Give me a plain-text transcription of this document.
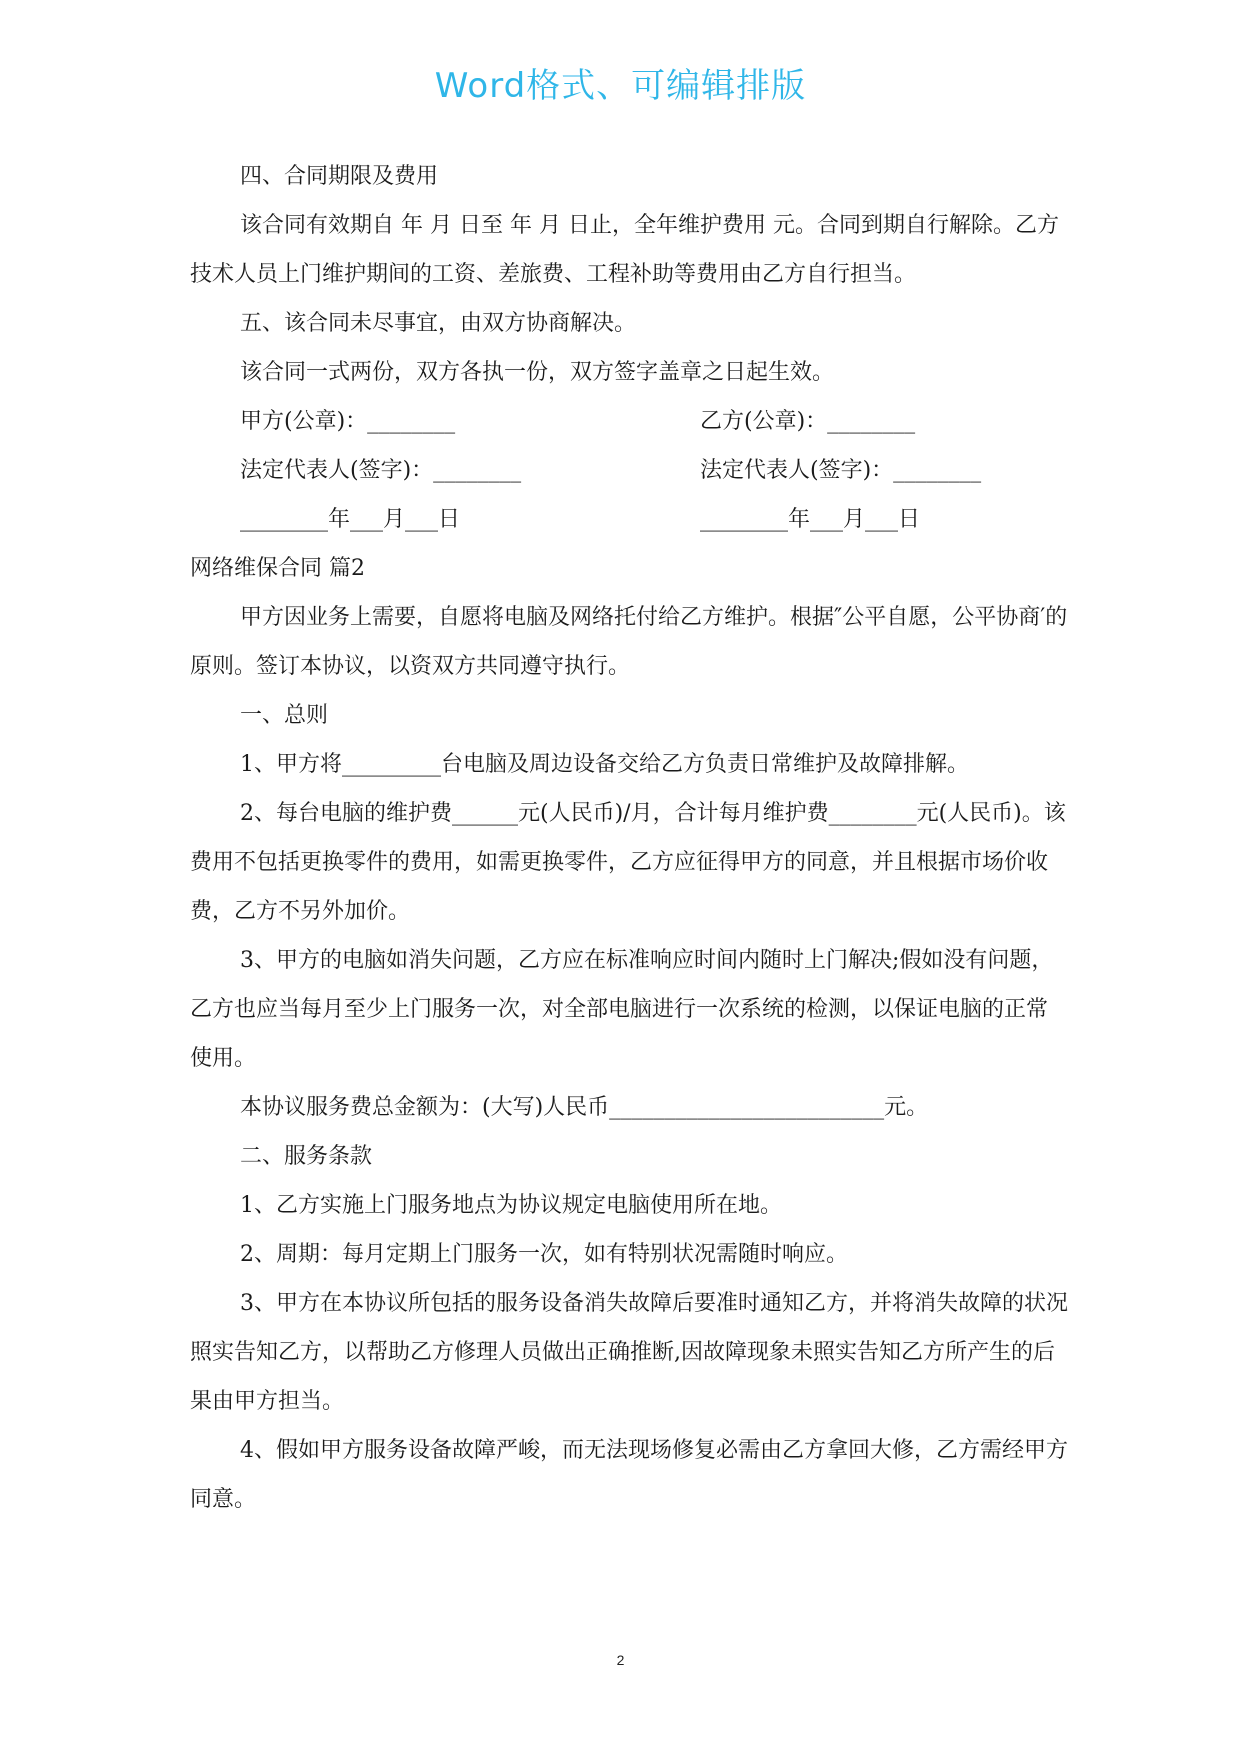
Word格式、可编辑排版

四、合同期限及费用

该合同有效期自 年 月 日至 年 月 日止，全年维护费用 元。合同到期自行解除。乙方技术人员上门维护期间的工资、差旅费、工程补助等费用由乙方自行担当。

五、该合同未尽事宜，由双方协商解决。

该合同一式两份，双方各执一份，双方签字盖章之日起生效。

甲方(公章)：________	乙方(公章)：________
法定代表人(签字)：________	法定代表人(签字)：________
________年___月___日	________年___月___日

网络维保合同 篇2

甲方因业务上需要，自愿将电脑及网络托付给乙方维护。根据″公平自愿，公平协商′的原则。签订本协议，以资双方共同遵守执行。

一、总则

1、甲方将_________台电脑及周边设备交给乙方负责日常维护及故障排解。

2、每台电脑的维护费______元(人民币)/月，合计每月维护费________元(人民币)。该费用不包括更换零件的费用，如需更换零件，乙方应征得甲方的同意，并且根据市场价收费，乙方不另外加价。

3、甲方的电脑如消失问题，乙方应在标准响应时间内随时上门解决;假如没有问题，乙方也应当每月至少上门服务一次，对全部电脑进行一次系统的检测，以保证电脑的正常使用。

本协议服务费总金额为：(大写)人民币_________________________元。

二、服务条款

1、乙方实施上门服务地点为协议规定电脑使用所在地。

2、周期：每月定期上门服务一次，如有特别状况需随时响应。

3、甲方在本协议所包括的服务设备消失故障后要准时通知乙方，并将消失故障的状况照实告知乙方，以帮助乙方修理人员做出正确推断,因故障现象未照实告知乙方所产生的后果由甲方担当。

4、假如甲方服务设备故障严峻，而无法现场修复必需由乙方拿回大修，乙方需经甲方同意。

2
